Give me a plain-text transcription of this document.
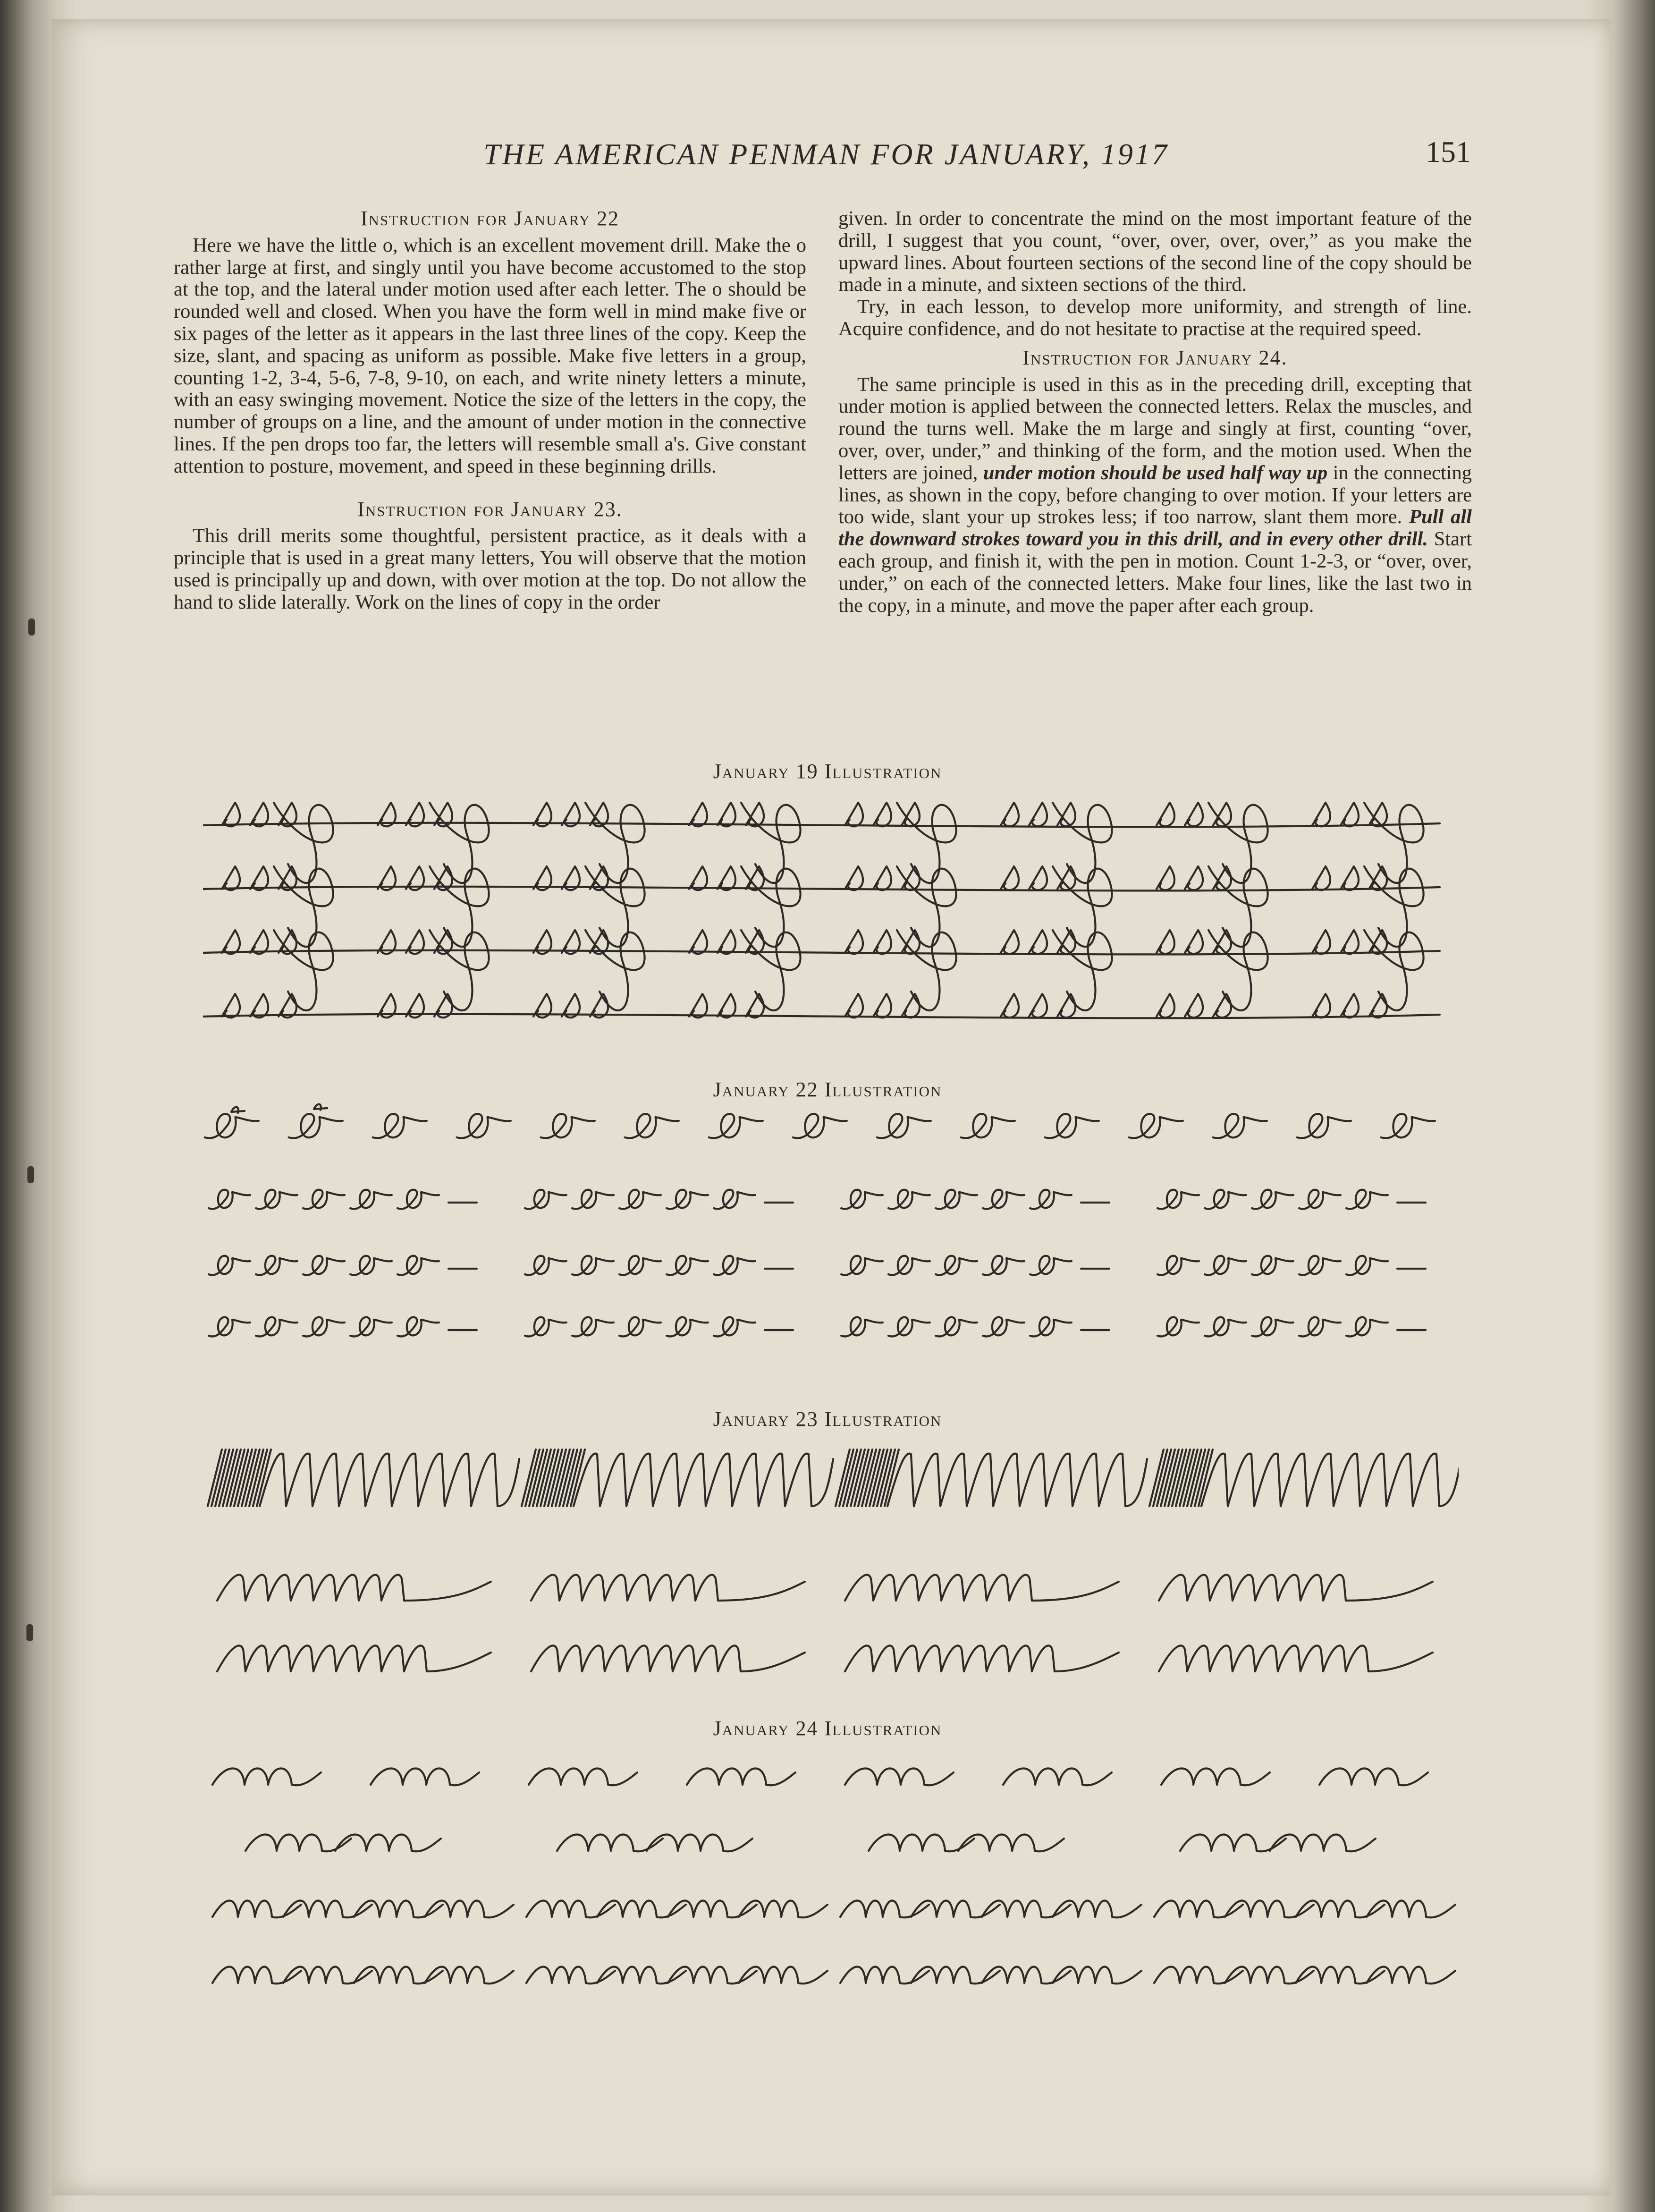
THE AMERICAN PENMAN FOR JANUARY, 1917	151
Instruction for January 22

Here we have the little o, which is an excellent movement drill. Make the o rather large at first, and singly until you have become accustomed to the stop at the top, and the lateral under motion used after each letter. The o should be rounded well and closed. When you have the form well in mind make five or six pages of the letter as it appears in the last three lines of the copy. Keep the size, slant, and spacing as uniform as possible. Make five letters in a group, counting 1-2, 3-4, 5-6, 7-8, 9-10, on each, and write ninety letters a minute, with an easy swinging movement. Notice the size of the letters in the copy, the number of groups on a line, and the amount of under motion in the connective lines. If the pen drops too far, the letters will resemble small a's. Give constant attention to posture, movement, and speed in these beginning drills.

Instruction for January 23.

This drill merits some thoughtful, persistent practice, as it deals with a principle that is used in a great many letters, You will observe that the motion used is principally up and down, with over motion at the top. Do not allow the hand to slide laterally. Work on the lines of copy in the order

given. In order to concentrate the mind on the most important feature of the drill, I suggest that you count, “over, over, over, over,” as you make the upward lines. About fourteen sections of the second line of the copy should be made in a minute, and sixteen sections of the third.

Try, in each lesson, to develop more uniformity, and strength of line. Acquire confidence, and do not hesitate to practise at the required speed.

Instruction for January 24.

The same principle is used in this as in the preceding drill, excepting that under motion is applied between the connected letters. Relax the muscles, and round the turns well. Make the m large and singly at first, counting “over, over, over, under,” and thinking of the form, and the motion used. When the letters are joined, under motion should be used half way up in the connecting lines, as shown in the copy, before changing to over motion. If your letters are too wide, slant your up strokes less; if too narrow, slant them more. Pull all the downward strokes toward you in this drill, and in every other drill. Start each group, and finish it, with the pen in motion. Count 1-2-3, or “over, over, under,” on each of the connected letters. Make four lines, like the last two in the copy, in a minute, and move the paper after each group.

January 19 Illustration
January 22 Illustration
January 23 Illustration
January 24 Illustration
